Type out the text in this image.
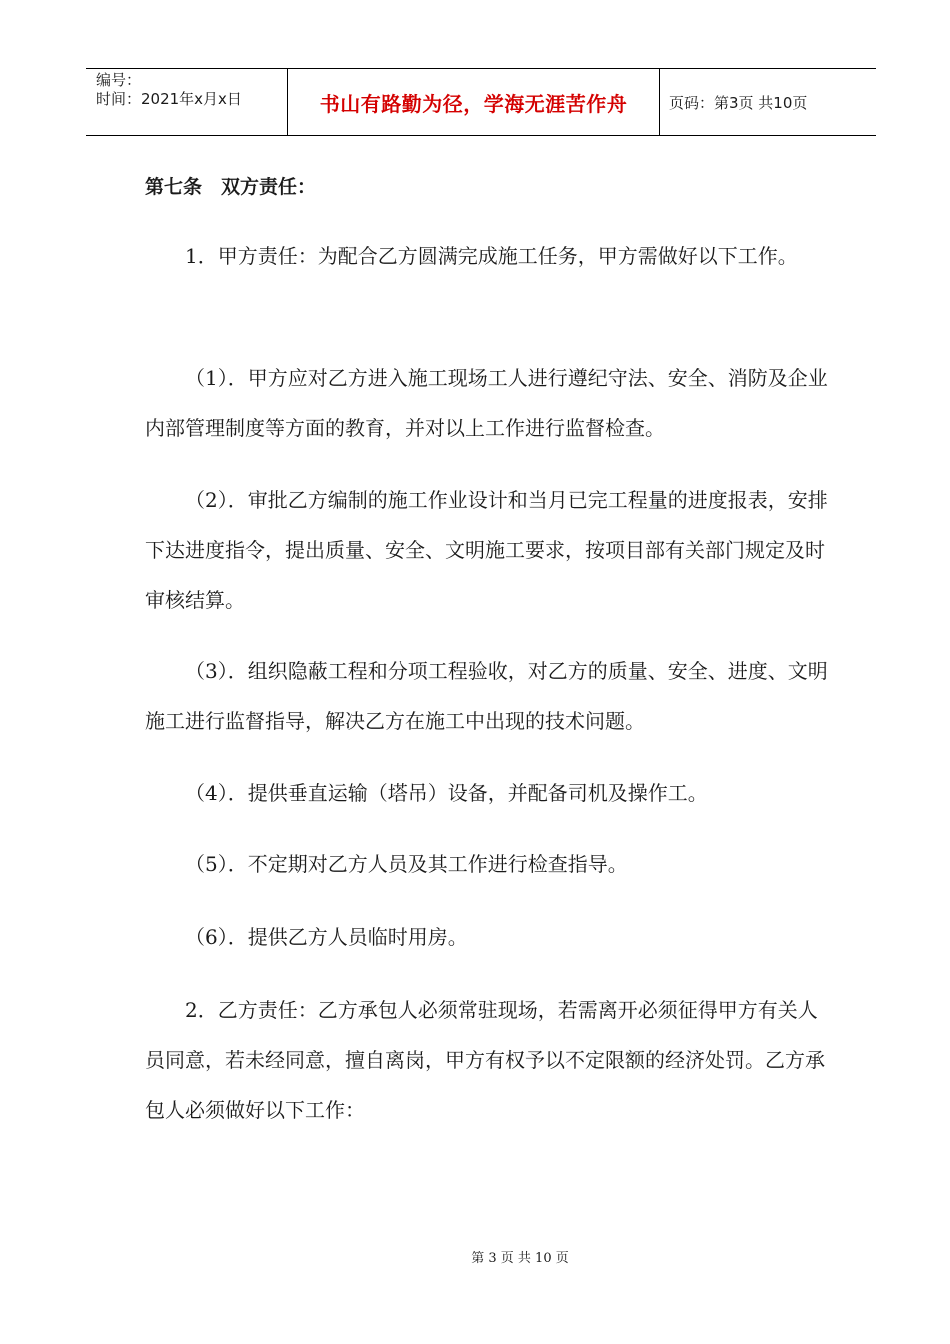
编号：
时间：2021年x月x日	书山有路勤为径，学海无涯苦作舟	页码：第3页 共10页

第七条　双方责任：

1．甲方责任：为配合乙方圆满完成施工任务，甲方需做好以下工作。

（1）．甲方应对乙方进入施工现场工人进行遵纪守法、安全、消防及企业内部管理制度等方面的教育，并对以上工作进行监督检查。

（2）．审批乙方编制的施工作业设计和当月已完工程量的进度报表，安排下达进度指令，提出质量、安全、文明施工要求，按项目部有关部门规定及时审核结算。

（3）．组织隐蔽工程和分项工程验收，对乙方的质量、安全、进度、文明施工进行监督指导，解决乙方在施工中出现的技术问题。

（4）．提供垂直运输（塔吊）设备，并配备司机及操作工。

（5）．不定期对乙方人员及其工作进行检查指导。

（6）．提供乙方人员临时用房。

2．乙方责任：乙方承包人必须常驻现场，若需离开必须征得甲方有关人员同意，若未经同意，擅自离岗，甲方有权予以不定限额的经济处罚。乙方承包人必须做好以下工作：

第 3 页 共 10 页
